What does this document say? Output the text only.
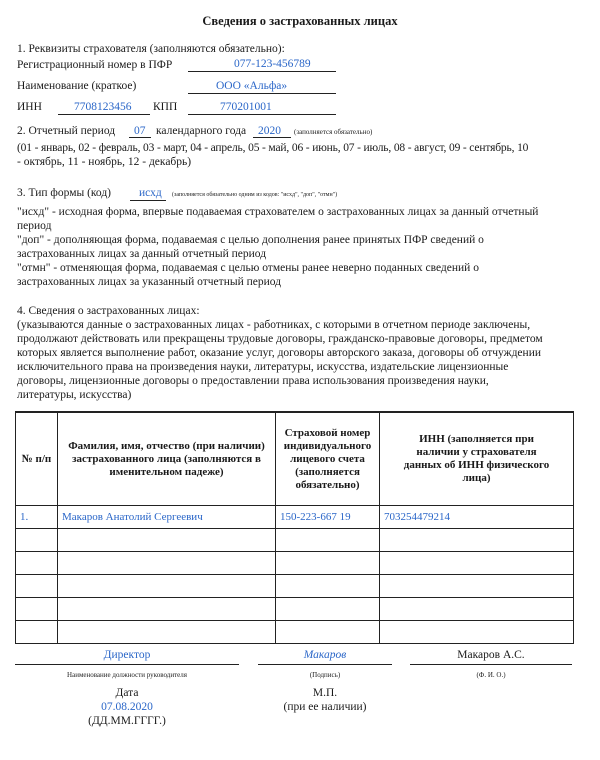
Сведения о застрахованных лицах
1. Реквизиты страхователя (заполняются обязательно):
Регистрационный номер в ПФР	077-123-456789
Наименование (краткое)	ООО «Альфа»
ИНН	7708123456 КПП	770201001
2. Отчетный период 07 календарного года 2020 (заполняется обязательно)
(01 - январь, 02 - февраль, 03 - март, 04 - апрель, 05 - май, 06 - июнь, 07 - июль, 08 - август, 09 - сентябрь, 10
- октябрь, 11 - ноябрь, 12 - декабрь)
3. Тип формы (код) исхд (заполняется обязательно одним из кодов: "исхд", "доп", "отмн")
"исхд" - исходная форма, впервые подаваемая страхователем о застрахованных лицах за данный отчетный
период
"доп" - дополняющая форма, подаваемая с целью дополнения ранее принятых ПФР сведений о
застрахованных лицах за данный отчетный период
"отмн" - отменяющая форма, подаваемая с целью отмены ранее неверно поданных сведений о
застрахованных лицах за указанный отчетный период
4. Сведения о застрахованных лицах:
(указываются данные о застрахованных лицах - работниках, с которыми в отчетном периоде заключены,
продолжают действовать или прекращены трудовые договоры, гражданско-правовые договоры, предметом
которых является выполнение работ, оказание услуг, договоры авторского заказа, договоры об отчуждении
исключительного права на произведения науки, литературы, искусства, издательские лицензионные
договоры, лицензионные договоры о предоставлении права использования произведения науки,
литературы, искусства)
№ п/п	Фамилия, имя, отчество (при наличии) застрахованного лица (заполняются в именительном падеже)	Страховой номер индивидуального лицевого счета (заполняется обязательно)	ИНН (заполняется при наличии у страхователя данных об ИНН физического лица)
1.	Макаров Анатолий Сергеевич	150-223-667 19	703254479214

Директор
Наименование должности руководителя
Макаров
(Подпись)
Макаров А.С.
(Ф. И. О.)
Дата
07.08.2020
(ДД.ММ.ГГГГ.)
М.П.
(при ее наличии)
